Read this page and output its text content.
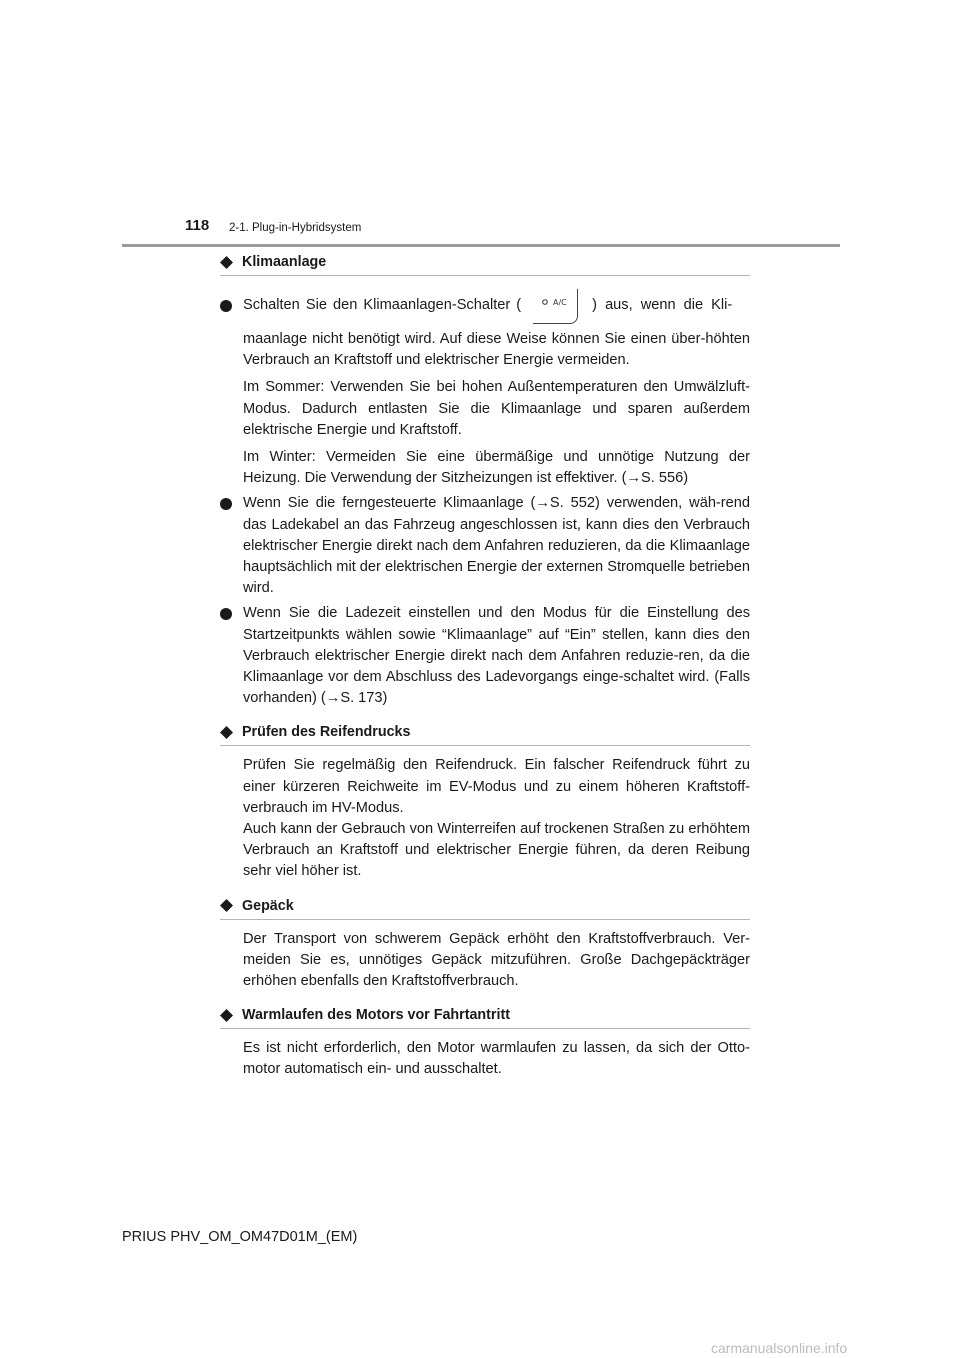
118 2-1. Plug-in-Hybridsystem
Klimaanlage
Schalten Sie den Klimaanlagen-Schalter (	A/C ) aus, wenn die Kli-
maanlage nicht benötigt wird. Auf diese Weise können Sie einen über-höhten Verbrauch an Kraftstoff und elektrischer Energie vermeiden.
Im Sommer: Verwenden Sie bei hohen Außentemperaturen den Umwälzluft-Modus. Dadurch entlasten Sie die Klimaanlage und sparen außerdem elektrische Energie und Kraftstoff.
Im Winter: Vermeiden Sie eine übermäßige und unnötige Nutzung der Heizung. Die Verwendung der Sitzheizungen ist effektiver. (→S. 556)
Wenn Sie die ferngesteuerte Klimaanlage (→S. 552) verwenden, wäh-rend das Ladekabel an das Fahrzeug angeschlossen ist, kann dies den Verbrauch elektrischer Energie direkt nach dem Anfahren reduzieren, da die Klimaanlage hauptsächlich mit der elektrischen Energie der externen Stromquelle betrieben wird.
Wenn Sie die Ladezeit einstellen und den Modus für die Einstellung des Startzeitpunkts wählen sowie “Klimaanlage” auf “Ein” stellen, kann dies den Verbrauch elektrischer Energie direkt nach dem Anfahren reduzie-ren, da die Klimaanlage vor dem Abschluss des Ladevorgangs einge-schaltet wird. (Falls vorhanden) (→S. 173)
Prüfen des Reifendrucks
Prüfen Sie regelmäßig den Reifendruck. Ein falscher Reifendruck führt zu einer kürzeren Reichweite im EV-Modus und zu einem höheren Kraftstoff-verbrauch im HV-Modus.
Auch kann der Gebrauch von Winterreifen auf trockenen Straßen zu erhöhtem Verbrauch an Kraftstoff und elektrischer Energie führen, da deren Reibung sehr viel höher ist.
Gepäck
Der Transport von schwerem Gepäck erhöht den Kraftstoffverbrauch. Ver-meiden Sie es, unnötiges Gepäck mitzuführen. Große Dachgepäckträger erhöhen ebenfalls den Kraftstoffverbrauch.
Warmlaufen des Motors vor Fahrtantritt
Es ist nicht erforderlich, den Motor warmlaufen zu lassen, da sich der Otto-motor automatisch ein- und ausschaltet.
PRIUS PHV_OM_OM47D01M_(EM)
carmanualsonline.info
